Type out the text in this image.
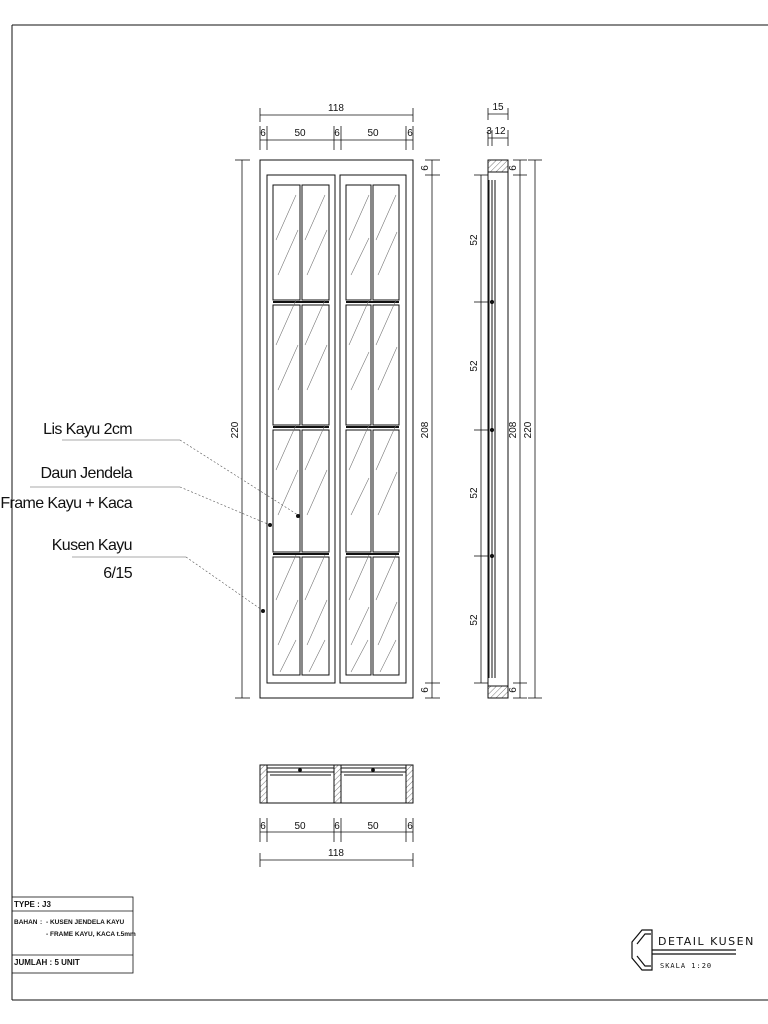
118
6	50	6	50	6
220
6
208
6
15
3 12
52
52
52
52
6
208
6
220
6	50	6	50	6
118
Lis Kayu 2cm
Daun Jendela
Frame Kayu + Kaca
Kusen Kayu
6/15
TYPE : J3
BAHAN : - KUSEN JENDELA KAYU
- FRAME KAYU, KACA t.5mm
JUMLAH : 5 UNIT
DETAIL KUSEN
SKALA 1:20
